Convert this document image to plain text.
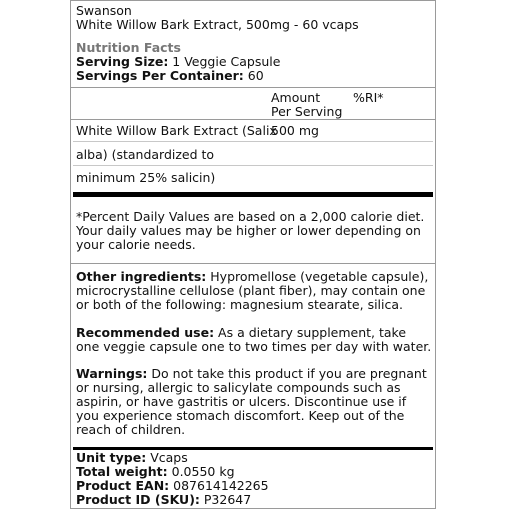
Swanson
White Willow Bark Extract, 500mg - 60 vcaps
Nutrition Facts
Serving Size: 1 Veggie Capsule
Servings Per Container: 60
Amount
Per Serving
%RI*
White Willow Bark Extract (Salix
500 mg
alba) (standardized to
minimum 25% salicin)
*Percent Daily Values are based on a 2,000 calorie diet. Your daily values may be higher or lower depending on your calorie needs.
Other ingredients: Hypromellose (vegetable capsule), microcrystalline cellulose (plant fiber), may contain one or both of the following: magnesium stearate, silica.
Recommended use: As a dietary supplement, take one veggie capsule one to two times per day with water.
Warnings: Do not take this product if you are pregnant or nursing, allergic to salicylate compounds such as aspirin, or have gastritis or ulcers. Discontinue use if you experience stomach discomfort. Keep out of the reach of children.
Unit type: Vcaps
Total weight: 0.0550 kg
Product EAN: 087614142265
Product ID (SKU): P32647
